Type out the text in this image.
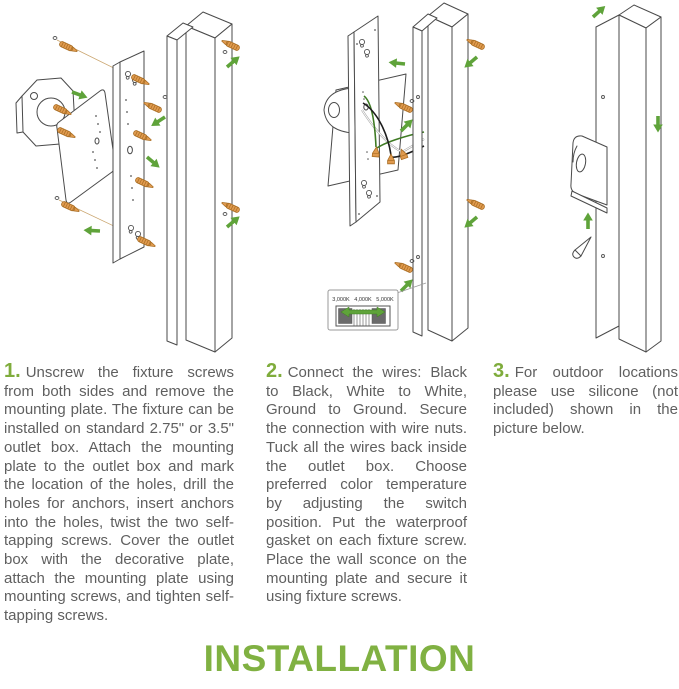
3,000K 4,000K 5,000K

1. Unscrew the fixture screws from both sides and remove the mounting plate. The fixture can be installed on standard 2.75" or 3.5" outlet box. Attach the mounting plate to the outlet box and mark the location of the holes, drill the holes for anchors, insert anchors into the holes, twist the two self-tapping screws. Cover the outlet box with the decorative plate, attach the mounting plate using mounting screws, and tighten self-tapping screws.

2. Connect the wires: Black to Black, White to White, Ground to Ground. Secure the connection with wire nuts. Tuck all the wires back inside the outlet box. Choose preferred color temperature by adjusting the switch position. Put the waterproof gasket on each fixture screw. Place the wall sconce on the mounting plate and secure it using fixture screws.

3. For outdoor locations please use silicone (not included) shown in the picture below.

INSTALLATION
